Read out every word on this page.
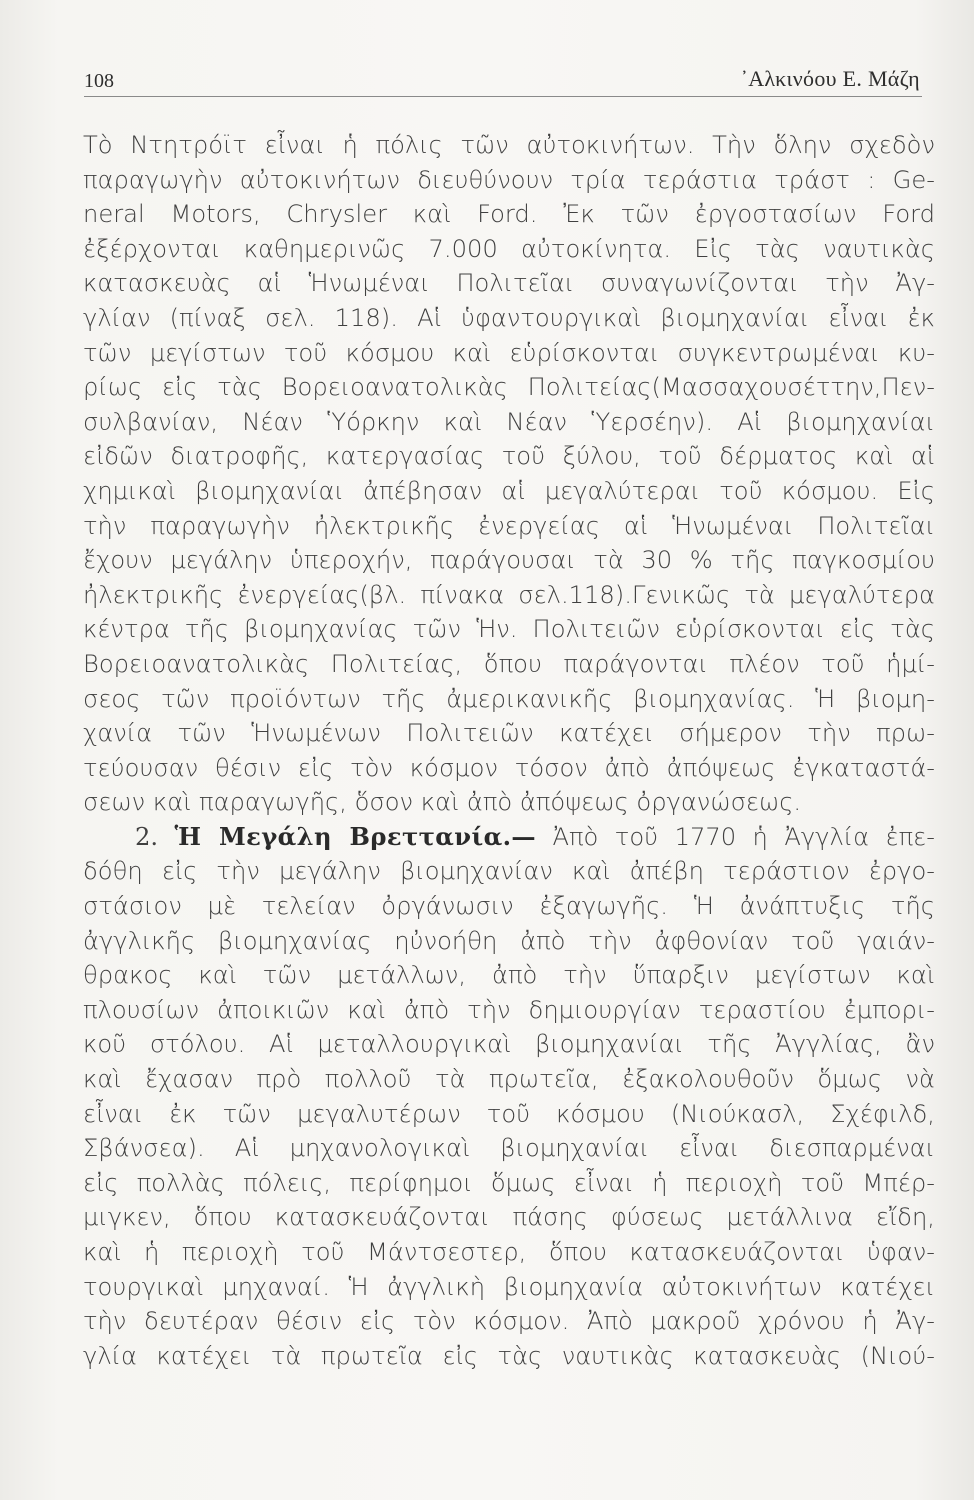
108	᾿Αλκινόου Ε. Μάζη
Τὸ Ντητρόϊτ εἶναι ἡ πόλις τῶν αὐτοκινήτων. Τὴν ὅλην σχεδὸν
παραγωγὴν αὐτοκινήτων διευθύνουν τρία τεράστια τράστ : Ge-
neral Motors, Chrysler καὶ Ford. Ἐκ τῶν ἐργοστασίων Ford
ἐξέρχονται καθημερινῶς 7.000 αὐτοκίνητα. Εἰς τὰς ναυτικὰς
κατασκευὰς αἱ Ἡνωμέναι Πολιτεῖαι συναγωνίζονται τὴν Ἀγ-
γλίαν (πίναξ σελ. 118). Αἱ ὑφαντουργικαὶ βιομηχανίαι εἶναι ἐκ
τῶν μεγίστων τοῦ κόσμου καὶ εὑρίσκονται συγκεντρωμέναι κυ-
ρίως εἰς τὰς Βορειοανατολικὰς Πολιτείας(Μασσαχουσέττην,Πεν-
συλβανίαν, Νέαν Ὑόρκην καὶ Νέαν Ὑερσέην). Αἱ βιομηχανίαι
εἰδῶν διατροφῆς, κατεργασίας τοῦ ξύλου, τοῦ δέρματος καὶ αἱ
χημικαὶ βιομηχανίαι ἀπέβησαν αἱ μεγαλύτεραι τοῦ κόσμου. Εἰς
τὴν παραγωγὴν ἠλεκτρικῆς ἐνεργείας αἱ Ἡνωμέναι Πολιτεῖαι
ἔχουν μεγάλην ὑπεροχήν, παράγουσαι τὰ 30 % τῆς παγκοσμίου
ἠλεκτρικῆς ἐνεργείας(βλ. πίνακα σελ.118).Γενικῶς τὰ μεγαλύτερα
κέντρα τῆς βιομηχανίας τῶν Ἡν. Πολιτειῶν εὑρίσκονται εἰς τὰς
Βορειοανατολικὰς Πολιτείας, ὅπου παράγονται πλέον τοῦ ἡμί-
σεος τῶν προϊόντων τῆς ἀμερικανικῆς βιομηχανίας. Ἡ βιομη-
χανία τῶν Ἡνωμένων Πολιτειῶν κατέχει σήμερον τὴν πρω-
τεύουσαν θέσιν εἰς τὸν κόσμον τόσον ἀπὸ ἀπόψεως ἐγκαταστά-
σεων καὶ παραγωγῆς, ὅσον καὶ ἀπὸ ἀπόψεως ὀργανώσεως.
2. Ἡ Μεγάλη Βρεττανία.— Ἀπὸ τοῦ 1770 ἡ Ἀγγλία ἐπε-
δόθη εἰς τὴν μεγάλην βιομηχανίαν καὶ ἀπέβη τεράστιον ἐργο-
στάσιον μὲ τελείαν ὀργάνωσιν ἐξαγωγῆς. Ἡ ἀνάπτυξις τῆς
ἀγγλικῆς βιομηχανίας ηὐνοήθη ἀπὸ τὴν ἀφθονίαν τοῦ γαιάν-
θρακος καὶ τῶν μετάλλων, ἀπὸ τὴν ὕπαρξιν μεγίστων καὶ
πλουσίων ἀποικιῶν καὶ ἀπὸ τὴν δημιουργίαν τεραστίου ἐμπορι-
κοῦ στόλου. Αἱ μεταλλουργικαὶ βιομηχανίαι τῆς Ἀγγλίας, ἂν
καὶ ἔχασαν πρὸ πολλοῦ τὰ πρωτεῖα, ἐξακολουθοῦν ὅμως νὰ
εἶναι ἐκ τῶν μεγαλυτέρων τοῦ κόσμου (Νιούκασλ, Σχέφιλδ,
Σβάνσεα). Αἱ μηχανολογικαὶ βιομηχανίαι εἶναι διεσπαρμέναι
εἰς πολλὰς πόλεις, περίφημοι ὅμως εἶναι ἡ περιοχὴ τοῦ Μπέρ-
μιγκεν, ὅπου κατασκευάζονται πάσης φύσεως μετάλλινα εἴδη,
καὶ ἡ περιοχὴ τοῦ Μάντσεστερ, ὅπου κατασκευάζονται ὑφαν-
τουργικαὶ μηχαναί. Ἡ ἀγγλικὴ βιομηχανία αὐτοκινήτων κατέχει
τὴν δευτέραν θέσιν εἰς τὸν κόσμον. Ἀπὸ μακροῦ χρόνου ἡ Ἀγ-
γλία κατέχει τὰ πρωτεῖα εἰς τὰς ναυτικὰς κατασκευὰς (Νιού-
